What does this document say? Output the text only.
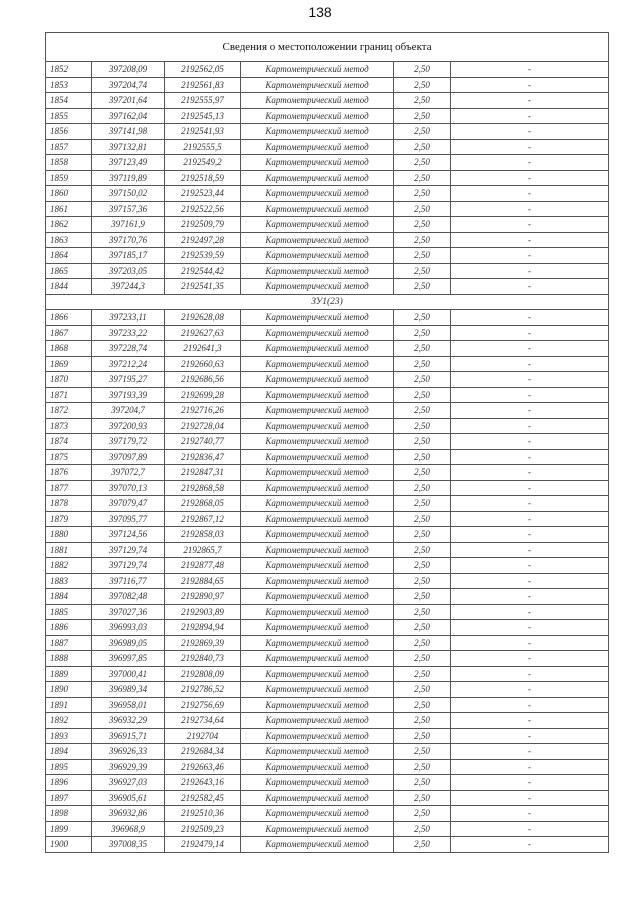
138
Сведения о местоположении границ объекта					
1852	397208,09	2192562,05	Картометрический метод	2,50	-
1853	397204,74	2192561,83	Картометрический метод	2,50	-
1854	397201,64	2192555,97	Картометрический метод	2,50	-
1855	397162,04	2192545,13	Картометрический метод	2,50	-
1856	397141,98	2192541,93	Картометрический метод	2,50	-
1857	397132,81	2192555,5	Картометрический метод	2,50	-
1858	397123,49	2192549,2	Картометрический метод	2,50	-
1859	397119,89	2192518,59	Картометрический метод	2,50	-
1860	397150,02	2192523,44	Картометрический метод	2,50	-
1861	397157,36	2192522,56	Картометрический метод	2,50	-
1862	397161,9	2192509,79	Картометрический метод	2,50	-
1863	397170,76	2192497,28	Картометрический метод	2,50	-
1864	397185,17	2192539,59	Картометрический метод	2,50	-
1865	397203,05	2192544,42	Картометрический метод	2,50	-
1844	397244,3	2192541,35	Картометрический метод	2,50	-
ЗУ1(23)					
1866	397233,11	2192628,08	Картометрический метод	2,50	-
1867	397233,22	2192627,63	Картометрический метод	2,50	-
1868	397228,74	2192641,3	Картометрический метод	2,50	-
1869	397212,24	2192660,63	Картометрический метод	2,50	-
1870	397195,27	2192686,56	Картометрический метод	2,50	-
1871	397193,39	2192699,28	Картометрический метод	2,50	-
1872	397204,7	2192716,26	Картометрический метод	2,50	-
1873	397200,93	2192728,04	Картометрический метод	2,50	-
1874	397179,72	2192740,77	Картометрический метод	2,50	-
1875	397097,89	2192836,47	Картометрический метод	2,50	-
1876	397072,7	2192847,31	Картометрический метод	2,50	-
1877	397070,13	2192868,58	Картометрический метод	2,50	-
1878	397079,47	2192868,05	Картометрический метод	2,50	-
1879	397095,77	2192867,12	Картометрический метод	2,50	-
1880	397124,56	2192858,03	Картометрический метод	2,50	-
1881	397129,74	2192865,7	Картометрический метод	2,50	-
1882	397129,74	2192877,48	Картометрический метод	2,50	-
1883	397116,77	2192884,65	Картометрический метод	2,50	-
1884	397082,48	2192890,97	Картометрический метод	2,50	-
1885	397027,36	2192903,89	Картометрический метод	2,50	-
1886	396993,03	2192894,94	Картометрический метод	2,50	-
1887	396989,05	2192869,39	Картометрический метод	2,50	-
1888	396997,85	2192840,73	Картометрический метод	2,50	-
1889	397000,41	2192808,09	Картометрический метод	2,50	-
1890	396989,34	2192786,52	Картометрический метод	2,50	-
1891	396958,01	2192756,69	Картометрический метод	2,50	-
1892	396932,29	2192734,64	Картометрический метод	2,50	-
1893	396915,71	2192704	Картометрический метод	2,50	-
1894	396926,33	2192684,34	Картометрический метод	2,50	-
1895	396929,39	2192663,46	Картометрический метод	2,50	-
1896	396927,03	2192643,16	Картометрический метод	2,50	-
1897	396905,61	2192582,45	Картометрический метод	2,50	-
1898	396932,86	2192510,36	Картометрический метод	2,50	-
1899	396968,9	2192509,23	Картометрический метод	2,50	-
1900	397008,35	2192479,14	Картометрический метод	2,50	-
